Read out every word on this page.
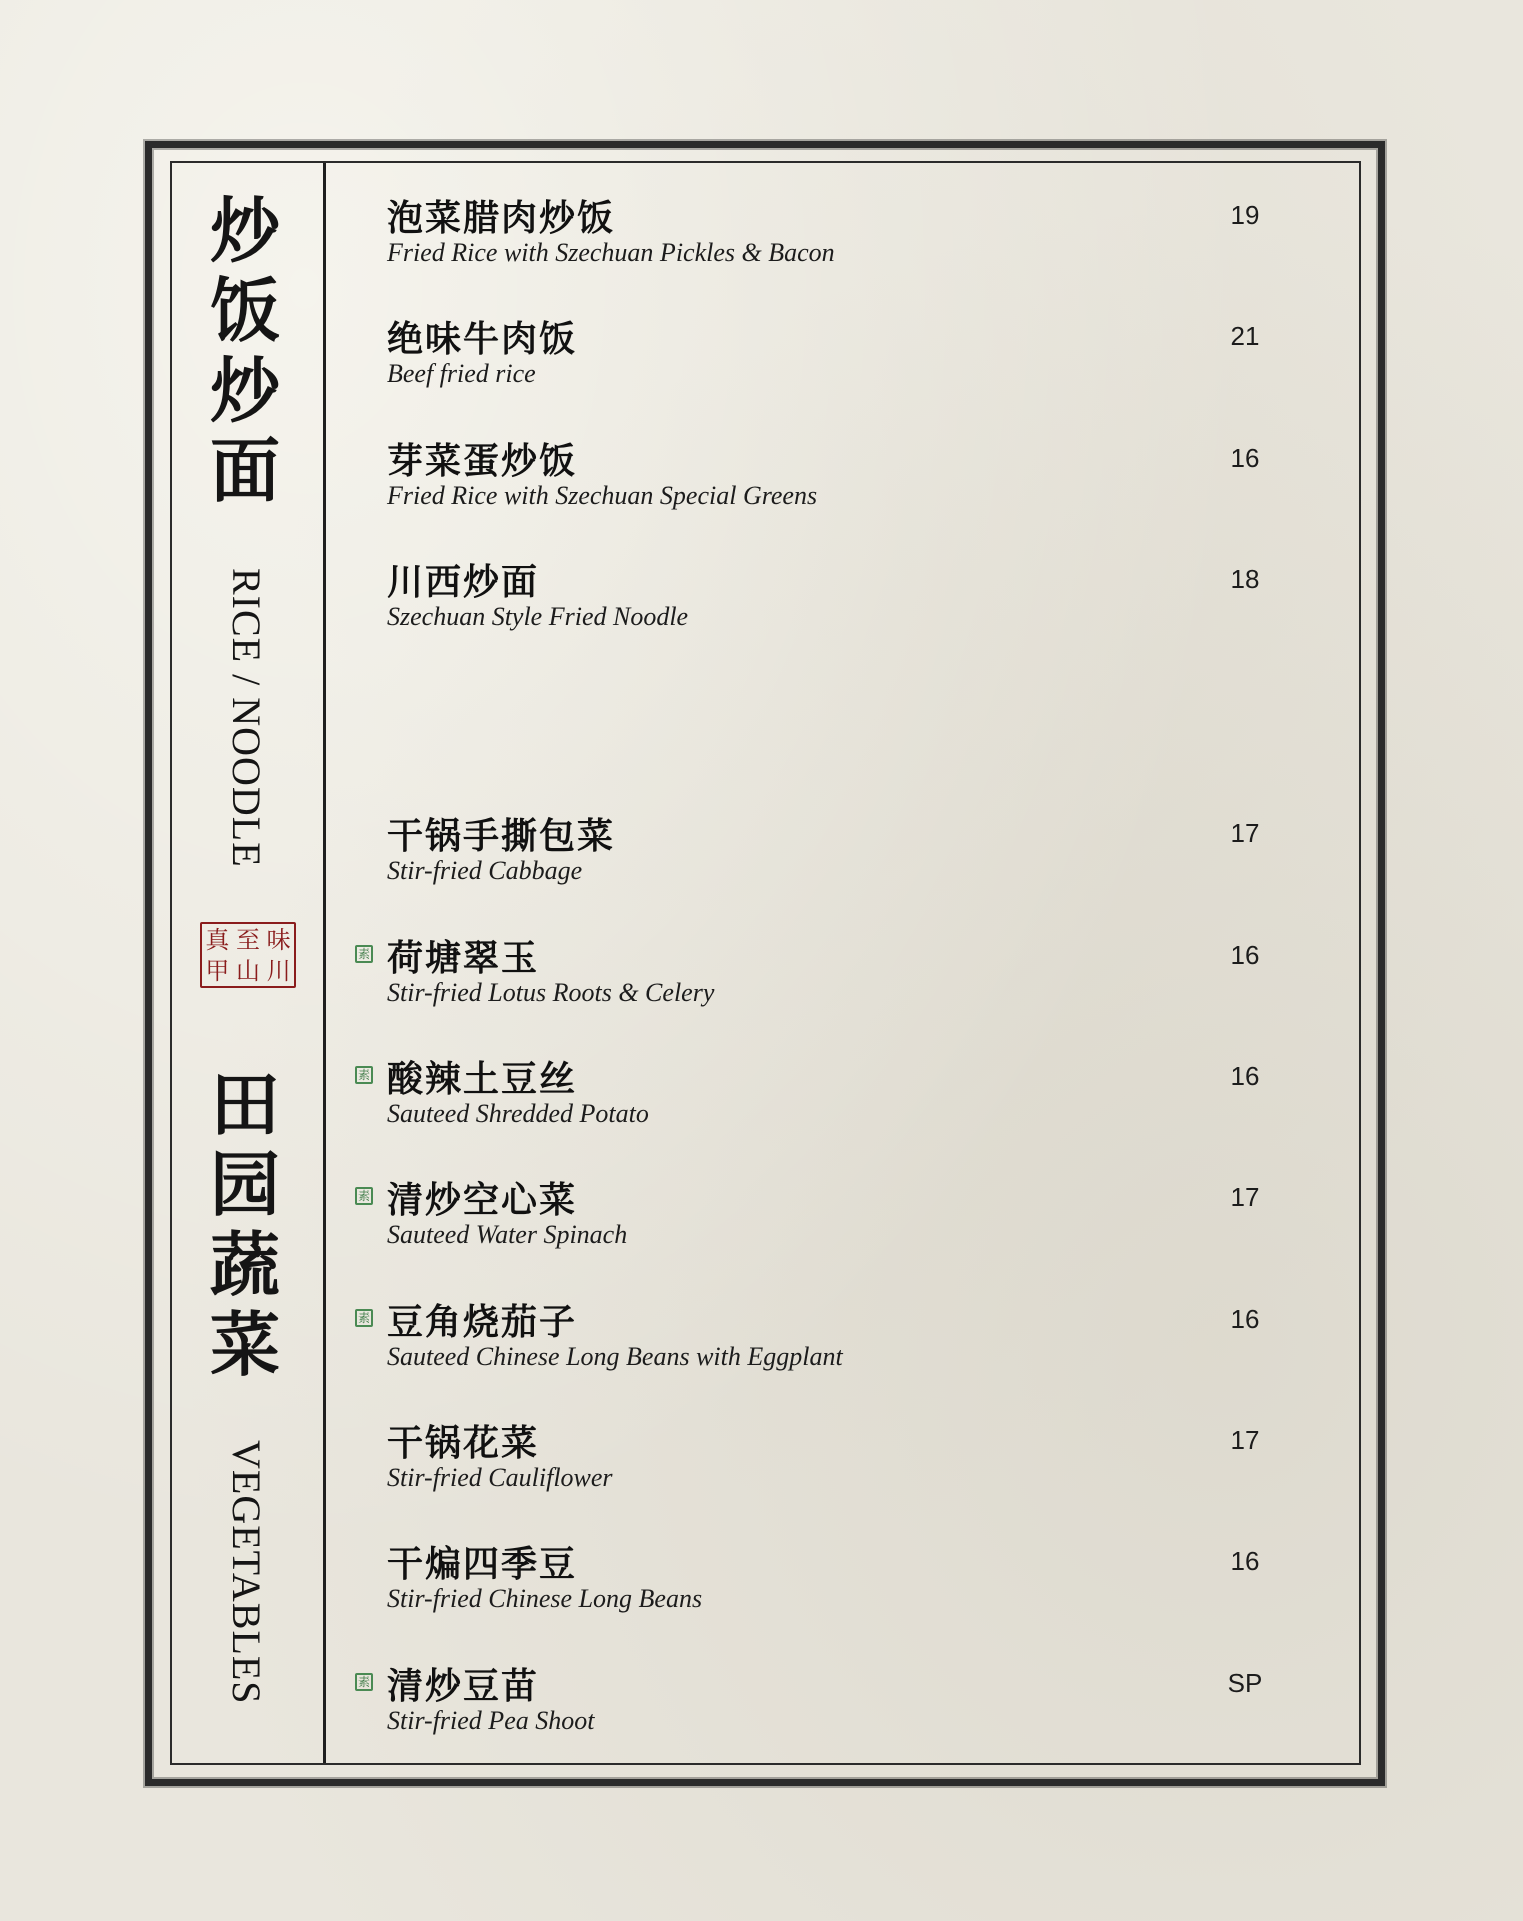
炒
饭
炒
面
RICE / NOODLE
真 至 味
甲 山 川
田
园
蔬
菜
VEGETABLES
泡菜腊肉炒饭
Fried Rice with Szechuan Pickles & Bacon
19
绝味牛肉饭
Beef fried rice
21
芽菜蛋炒饭
Fried Rice with Szechuan Special Greens
16
川西炒面
Szechuan Style Fried Noodle
18
干锅手撕包菜
Stir-fried Cabbage
17
素 荷塘翠玉
Stir-fried Lotus Roots & Celery
16
素 酸辣土豆丝
Sauteed Shredded Potato
16
素 清炒空心菜
Sauteed Water Spinach
17
素 豆角烧茄子
Sauteed Chinese Long Beans with Eggplant
16
干锅花菜
Stir-fried Cauliflower
17
干煸四季豆
Stir-fried Chinese Long Beans
16
素 清炒豆苗
Stir-fried Pea Shoot
SP
